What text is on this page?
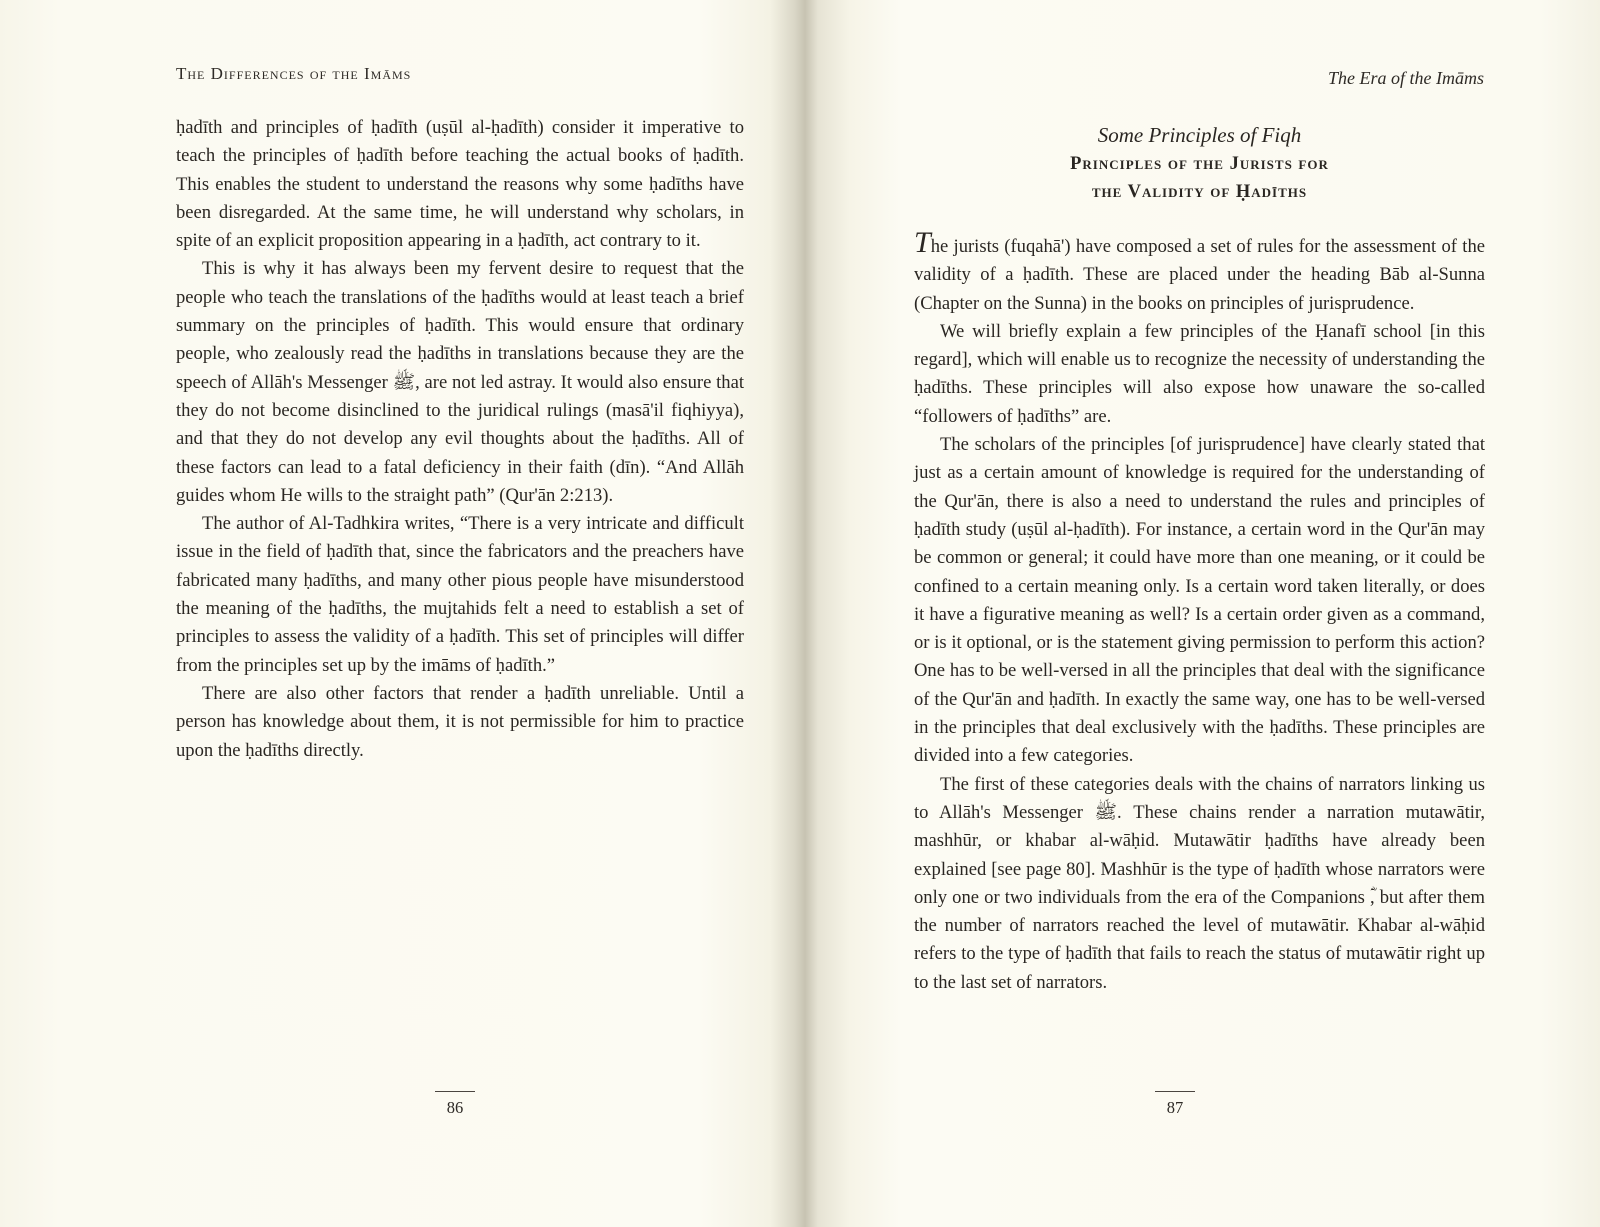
The Differences of the Imāms

ḥadīth and principles of ḥadīth (uṣūl al-ḥadīth) consider it imperative to teach the principles of ḥadīth before teaching the actual books of ḥadīth. This enables the student to understand the reasons why some ḥadīths have been disregarded. At the same time, he will understand why scholars, in spite of an explicit proposition appearing in a ḥadīth, act contrary to it.

This is why it has always been my fervent desire to request that the people who teach the translations of the ḥadīths would at least teach a brief summary on the principles of ḥadīth. This would ensure that ordinary people, who zealously read the ḥadīths in translations because they are the speech of Allāh's Messenger ﷺ, are not led astray. It would also ensure that they do not become disinclined to the juridical rulings (masā'il fiqhiyya), and that they do not develop any evil thoughts about the ḥadīths. All of these factors can lead to a fatal deficiency in their faith (dīn). “And Allāh guides whom He wills to the straight path” (Qur'ān 2:213).

The author of Al-Tadhkira writes, “There is a very intricate and difficult issue in the field of ḥadīth that, since the fabricators and the preachers have fabricated many ḥadīths, and many other pious people have misunderstood the meaning of the ḥadīths, the mujtahids felt a need to establish a set of principles to assess the validity of a ḥadīth. This set of principles will differ from the principles set up by the imāms of ḥadīth.”

There are also other factors that render a ḥadīth unreliable. Until a person has knowledge about them, it is not permissible for him to practice upon the ḥadīths directly.

86
The Era of the Imāms

Some Principles of Fiqh

Principles of the Jurists for

the Validity of Ḥadīths

The jurists (fuqahā') have composed a set of rules for the assessment of the validity of a ḥadīth. These are placed under the heading Bāb al-Sunna (Chapter on the Sunna) in the books on principles of jurisprudence.

We will briefly explain a few principles of the Ḥanafī school [in this regard], which will enable us to recognize the necessity of understanding the ḥadīths. These principles will also expose how unaware the so-called “followers of ḥadīths” are.

The scholars of the principles [of jurisprudence] have clearly stated that just as a certain amount of knowledge is required for the understanding of the Qur'ān, there is also a need to understand the rules and principles of ḥadīth study (uṣūl al-ḥadīth). For instance, a certain word in the Qur'ān may be common or general; it could have more than one meaning, or it could be confined to a certain meaning only. Is a certain word taken literally, or does it have a figurative meaning as well? Is a certain order given as a command, or is it optional, or is the statement giving permission to perform this action? One has to be well-versed in all the principles that deal with the significance of the Qur'ān and ḥadīth. In exactly the same way, one has to be well-versed in the principles that deal exclusively with the ḥadīths. These principles are divided into a few categories.

The first of these categories deals with the chains of narrators linking us to Allāh's Messenger ﷺ. These chains render a narration mutawātir, mashhūr, or khabar al-wāḥid. Mutawātir ḥadīths have already been explained [see page 80]. Mashhūr is the type of ḥadīth whose narrators were only one or two individuals from the era of the Companions ؓ, but after them the number of narrators reached the level of mutawātir. Khabar al-wāḥid refers to the type of ḥadīth that fails to reach the status of mutawātir right up to the last set of narrators.

87
